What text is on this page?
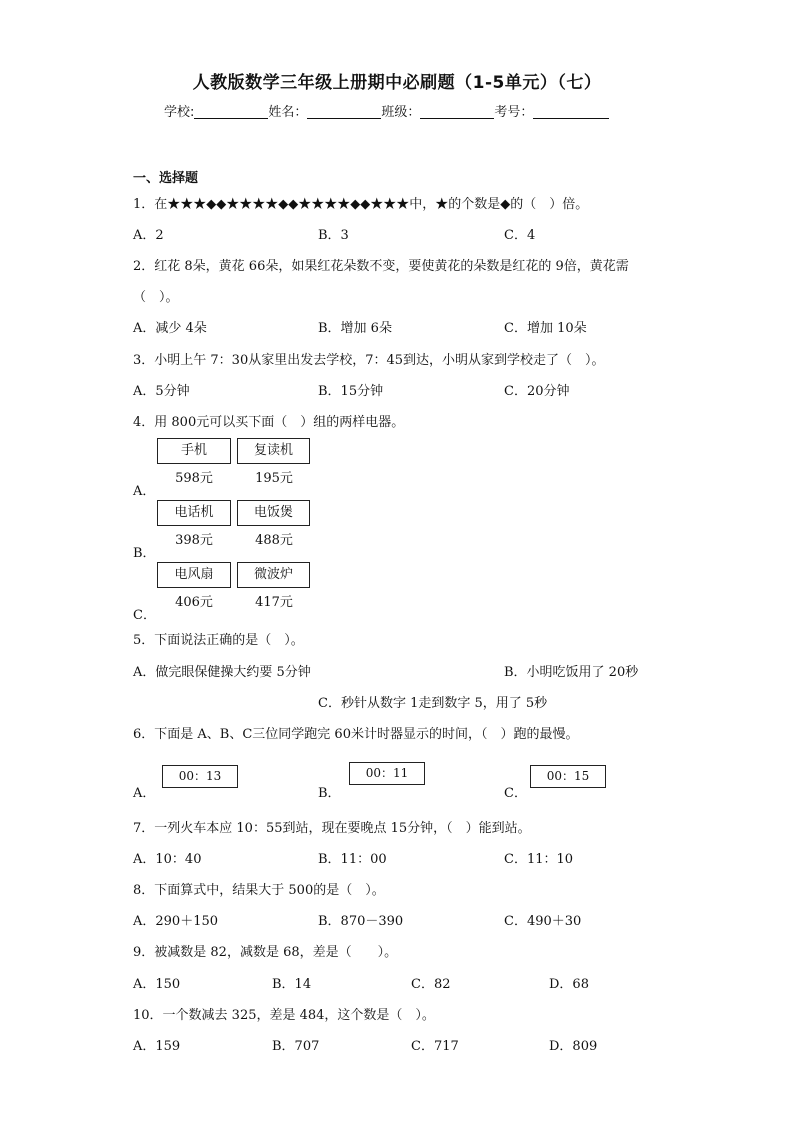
人教版数学三年级上册期中必刷题（1-5单元）（七）
学校:	姓名：	班级：	考号：
一、选择题
1．在★★★◆◆★★★★◆◆★★★★◆◆★★★中，★的个数是◆的（　）倍。
A．2	B．3	C．4
2．红花 8朵，黄花 66朵，如果红花朵数不变，要使黄花的朵数是红花的 9倍，黄花需
（　）。
A．减少 4朵	B．增加 6朵	C．增加 10朵
3．小明上午 7：30从家里出发去学校，7：45到达，小明从家到学校走了（　）。
A．5分钟	B．15分钟	C．20分钟
4．用 800元可以买下面（　）组的两样电器。
手机	复读机
598元	195元
A．
电话机	电饭煲
398元	488元
B．
电风扇	微波炉
406元	417元
C．
5．下面说法正确的是（　）。
A．做完眼保健操大约要 5分钟	B．小明吃饭用了 20秒
C．秒针从数字 1走到数字 5，用了 5秒
6．下面是 A、B、C三位同学跑完 60米计时器显示的时间，（　）跑的最慢。
00：13
A．
00：11
B．
00：15
C．
7．一列火车本应 10：55到站，现在要晚点 15分钟，（　）能到站。
A．10：40	B．11：00	C．11：10
8．下面算式中，结果大于 500的是（　）。
A．290＋150	B．870－390	C．490＋30
9．被减数是 82，减数是 68，差是（　　）。
A．150	B．14	C．82	D．68
10．一个数减去 325，差是 484，这个数是（　）。
A．159	B．707	C．717	D．809
